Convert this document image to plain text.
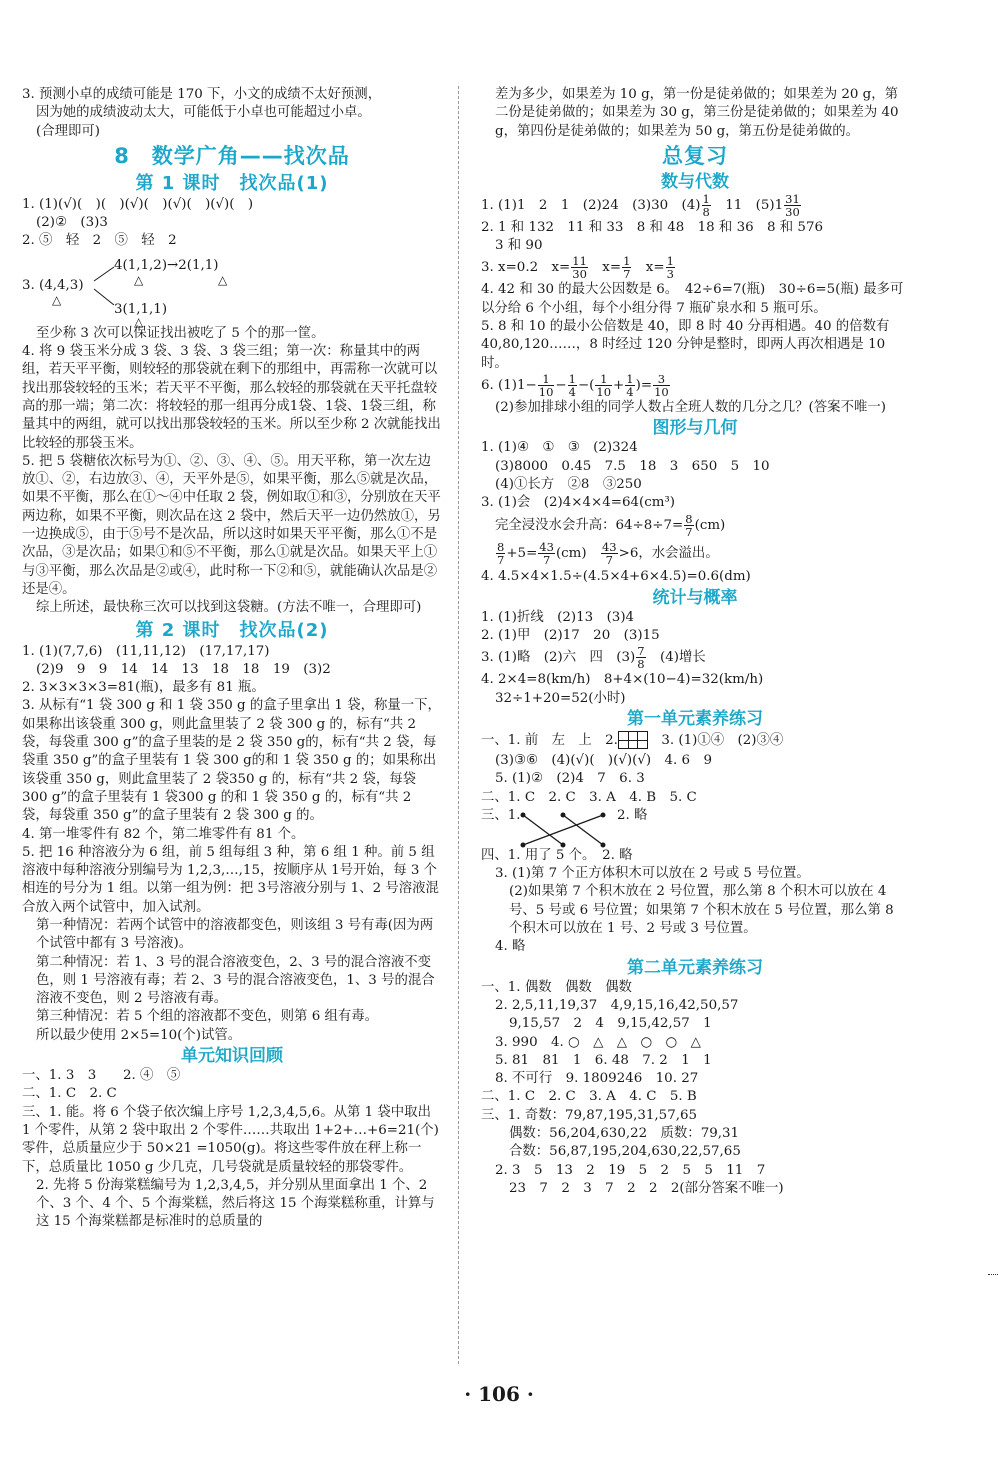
3. 预测小卓的成绩可能是 170 下，小文的成绩不太好预测，

因为她的成绩波动太大，可能低于小卓也可能超过小卓。

(合理即可)

8　数学广角——找次品
第 1 课时　找次品(1)

1. (1)(√)(　)(　)(√)(　)(√)(　)(√)(　)

(2)②　(3)3

2. ⑤　轻　2　⑤　轻　2

4(1,1,2)→2(1,1)
△	△
3. (4,4,3)
△
3(1,1,1)
△

至少称 3 次可以保证找出被吃了 5 个的那一筐。

4. 将 9 袋玉米分成 3 袋、3 袋、3 袋三组；第一次：称量其中的两组，若天平平衡，则较轻的那袋就在剩下的那组中，再需称一次就可以找出那袋较轻的玉米；若天平不平衡，那么较轻的那袋就在天平托盘较高的那一端；第二次：将较轻的那一组再分成1袋、1袋、1袋三组，称量其中的两组，就可以找出那袋较轻的玉米。所以至少称 2 次就能找出比较轻的那袋玉米。

5. 把 5 袋糖依次标号为①、②、③、④、⑤。用天平称，第一次左边放①、②，右边放③、④，天平外是⑤，如果平衡，那么⑤就是次品，如果不平衡，那么在①～④中任取 2 袋，例如取①和③，分别放在天平两边称，如果不平衡，则次品在这 2 袋中，然后天平一边仍然放①，另一边换成⑤，由于⑤号不是次品，所以这时如果天平平衡，那么①不是次品，③是次品；如果①和⑤不平衡，那么①就是次品。如果天平上①与③平衡，那么次品是②或④，此时称一下②和⑤，就能确认次品是②还是④。

综上所述，最快称三次可以找到这袋糖。(方法不唯一，合理即可)

第 2 课时　找次品(2)

1. (1)(7,7,6)　(11,11,12)　(17,17,17)

(2)9　9　9　14　14　13　18　18　19　(3)2

2. 3×3×3×3=81(瓶)，最多有 81 瓶。

3. 从标有“1 袋 300 g 和 1 袋 350 g 的盒子里拿出 1 袋，称量一下，如果称出该袋重 300 g，则此盒里装了 2 袋 300 g 的，标有“共 2 袋，每袋重 300 g”的盒子里装的是 2 袋 350 g的，标有“共 2 袋，每袋重 350 g”的盒子里装有 1 袋 300 g的和 1 袋 350 g 的；如果称出该袋重 350 g，则此盒里装了 2 袋350 g 的，标有“共 2 袋，每袋 300 g”的盒子里装有 1 袋300 g 的和 1 袋 350 g 的，标有“共 2 袋，每袋重 350 g”的盒子里装有 2 袋 300 g 的。

4. 第一堆零件有 82 个，第二堆零件有 81 个。

5. 把 16 种溶液分为 6 组，前 5 组每组 3 种，第 6 组 1 种。前 5 组溶液中每种溶液分别编号为 1,2,3,…,15，按顺序从 1号开始，每 3 个相连的号分为 1 组。以第一组为例：把 3号溶液分别与 1、2 号溶液混合放入两个试管中，加入试剂。

第一种情况：若两个试管中的溶液都变色，则该组 3 号有毒(因为两个试管中都有 3 号溶液)。

第二种情况：若 1、3 号的混合溶液变色，2、3 号的混合溶液不变色，则 1 号溶液有毒；若 2、3 号的混合溶液变色，1、3 号的混合溶液不变色，则 2 号溶液有毒。

第三种情况：若 5 个组的溶液都不变色，则第 6 组有毒。

所以最少使用 2×5=10(个)试管。

单元知识回顾

一、1. 3　3　　2. ④　⑤

二、1. C　2. C

三、1. 能。将 6 个袋子依次编上序号 1,2,3,4,5,6。从第 1 袋中取出 1 个零件，从第 2 袋中取出 2 个零件……共取出 1+2+…+6=21(个)零件，总质量应少于 50×21 =1050(g)。将这些零件放在秤上称一下，总质量比 1050 g 少几克，几号袋就是质量较轻的那袋零件。

2. 先将 5 份海棠糕编号为 1,2,3,4,5，并分别从里面拿出 1 个、2 个、3 个、4 个、5 个海棠糕，然后将这 15 个海棠糕称重，计算与这 15 个海棠糕都是标准时的总质量的

差为多少，如果差为 10 g，第一份是徒弟做的；如果差为 20 g，第二份是徒弟做的；如果差为 30 g，第三份是徒弟做的；如果差为 40 g，第四份是徒弟做的；如果差为 50 g，第五份是徒弟做的。

总复习
数与代数

1. (1)1　2　1　(2)24　(3)30　$(4) \frac{1}{8}$ 　11　$(5)1 \frac{31}{30}$

2. 1 和 132　11 和 33　8 和 48　18 和 36　8 和 576

3 和 90

3. x=0.2　$x= \frac{11}{30}$ 　$x= \frac{1}{7}$ 　$x= \frac{1}{3}$

4. 42 和 30 的最大公因数是 6。　42÷6=7(瓶)　30÷6=5(瓶) 最多可以分给 6 个小组，每个小组分得 7 瓶矿泉水和 5 瓶可乐。

5. 8 和 10 的最小公倍数是 40，即 8 时 40 分再相遇。40 的倍数有 40,80,120……，8 时经过 120 分钟是整时，即两人再次相遇是 10 时。

6. $(1)1- \frac{1}{10} - \frac{1}{4}$ −( $\frac{1}{10} + \frac{1}{4}$ )= $\frac{3}{10}$

(2)参加排球小组的同学人数占全班人数的几分之几？(答案不唯一)

图形与几何

1. (1)④　①　③　(2)324

(3)8000　0.45　7.5　18　3　650　5　10

(4)①长方　②8　③250

3. (1)会　(2)4×4×4=64(cm³)

完全浸没水会升高：$64\div 8\div 7= \frac{8}{7} (cm)$

$\frac{8}{7} +5= \frac{43}{7} (cm)$　 $\frac{43}{7} >6$，水会溢出。

4. 4.5×4×1.5÷(4.5×4+6×4.5)=0.6(dm)

统计与概率

1. (1)折线　(2)13　(3)4

2. (1)甲　(2)17　20　(3)15

3. (1)略　(2)六　四　$(3) \frac{7}{8}$ 　(4)增长

4. 2×4=8(km/h)　8+4×(10−4)=32(km/h)

32÷1+20=52(小时)

第一单元素养练习

一、1. 前　左　上　2.
　3. (1)①④　(2)③④

(3)③⑥　(4)(√)(　)(√)(√)　4. 6　9

5. (1)②　(2)4　7　6. 3

二、1. C　2. C　3. A　4. B　5. C

三、1.	2. 略

四、1. 用了 5 个。　2. 略

3. (1)第 7 个正方体积木可以放在 2 号或 5 号位置。

(2)如果第 7 个积木放在 2 号位置，那么第 8 个积木可以放在 4 号、5 号或 6 号位置；如果第 7 个积木放在 5 号位置，那么第 8 个积木可以放在 1 号、2 号或 3 号位置。

4. 略

第二单元素养练习

一、1. 偶数　偶数　偶数

2. 2,5,11,19,37　4,9,15,16,42,50,57

9,15,57　2　4　9,15,42,57　1

3. 990　4. ○　△　△　○　○　△

5. 81　81　1　6. 48　7. 2　1　1

8. 不可行　9. 1809246　10. 27

二、1. C　2. C　3. A　4. C　5. B

三、1. 奇数：79,87,195,31,57,65

偶数：56,204,630,22　质数：79,31

合数：56,87,195,204,630,22,57,65

2. 3　5　13　2　19　5　2　5　5　11　7

23　7　2　3　7　2　2　2(部分答案不唯一)

· 106 ·
